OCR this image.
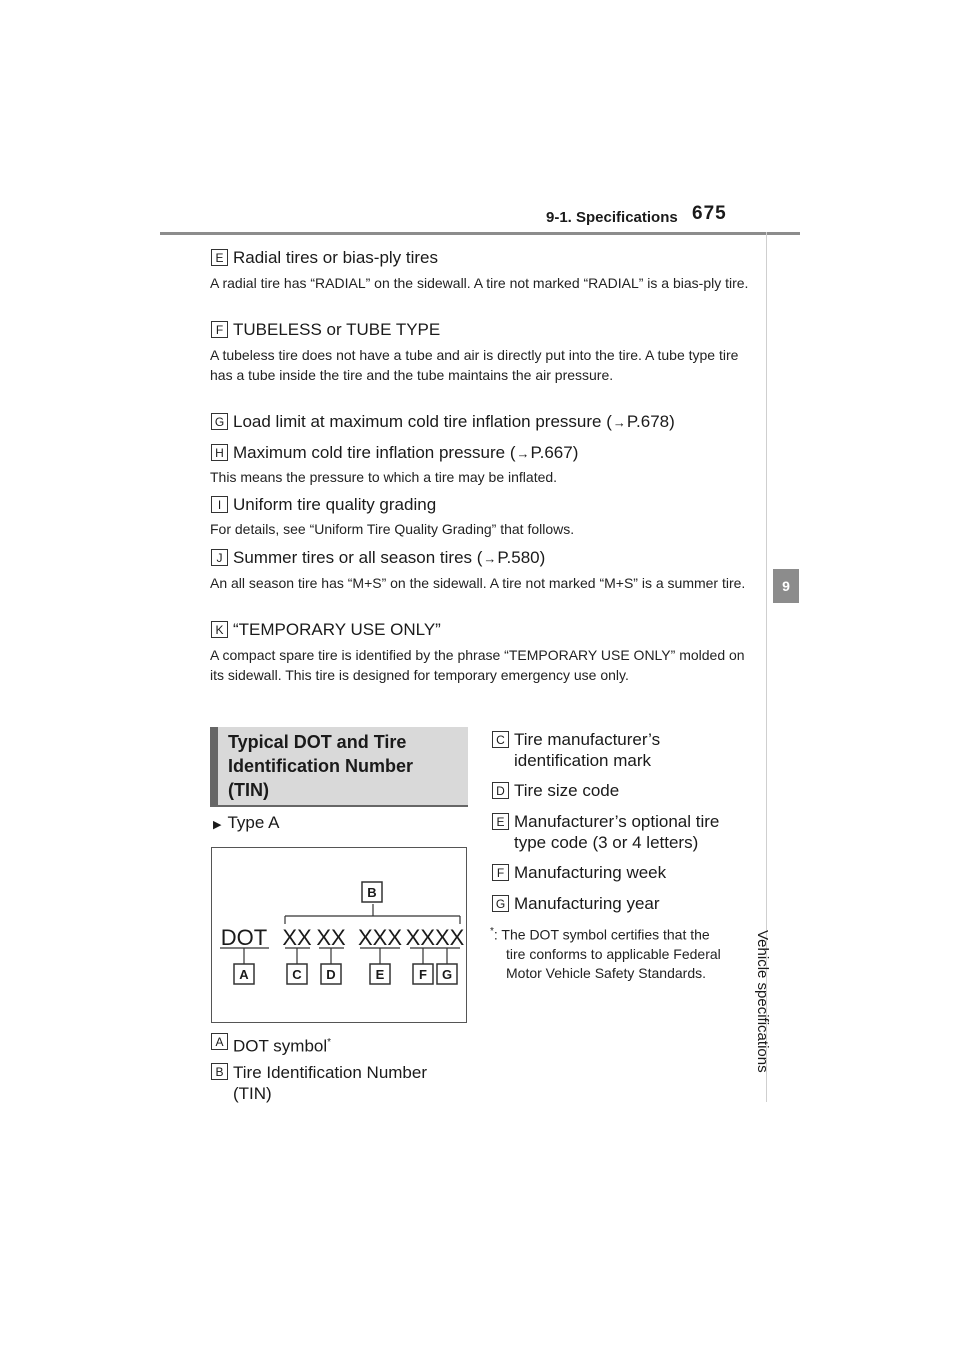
9-1. Specifications 675
9
Vehicle specifications
E Radial tires or bias-ply tires
A radial tire has “RADIAL” on the sidewall. A tire not marked “RADIAL” is a bias-ply tire.
F TUBELESS or TUBE TYPE
A tubeless tire does not have a tube and air is directly put into the tire. A tube type tire has a tube inside the tire and the tube maintains the air pressure.
G Load limit at maximum cold tire inflation pressure (→P.678)
H Maximum cold tire inflation pressure (→P.667)
This means the pressure to which a tire may be inflated.
I Uniform tire quality grading
For details, see “Uniform Tire Quality Grading” that follows.
J Summer tires or all season tires (→P.580)
An all season tire has “M+S” on the sidewall. A tire not marked “M+S” is a summer tire.
K “TEMPORARY USE ONLY”
A compact spare tire is identified by the phrase “TEMPORARY USE ONLY” molded on its sidewall. This tire is designed for temporary emergency use only.
Typical DOT and Tire Identification Number (TIN)
▶ Type A
DOT XX XX XXX XXXX
B
A	C D	E	F G
A DOT symbol*
B Tire Identification Number (TIN)
C Tire manufacturer’s identification mark
D Tire size code
E Manufacturer’s optional tire type code (3 or 4 letters)
F Manufacturing week
G Manufacturing year
*: The DOT symbol certifies that the
tire conforms to applicable Federal Motor Vehicle Safety Standards.
